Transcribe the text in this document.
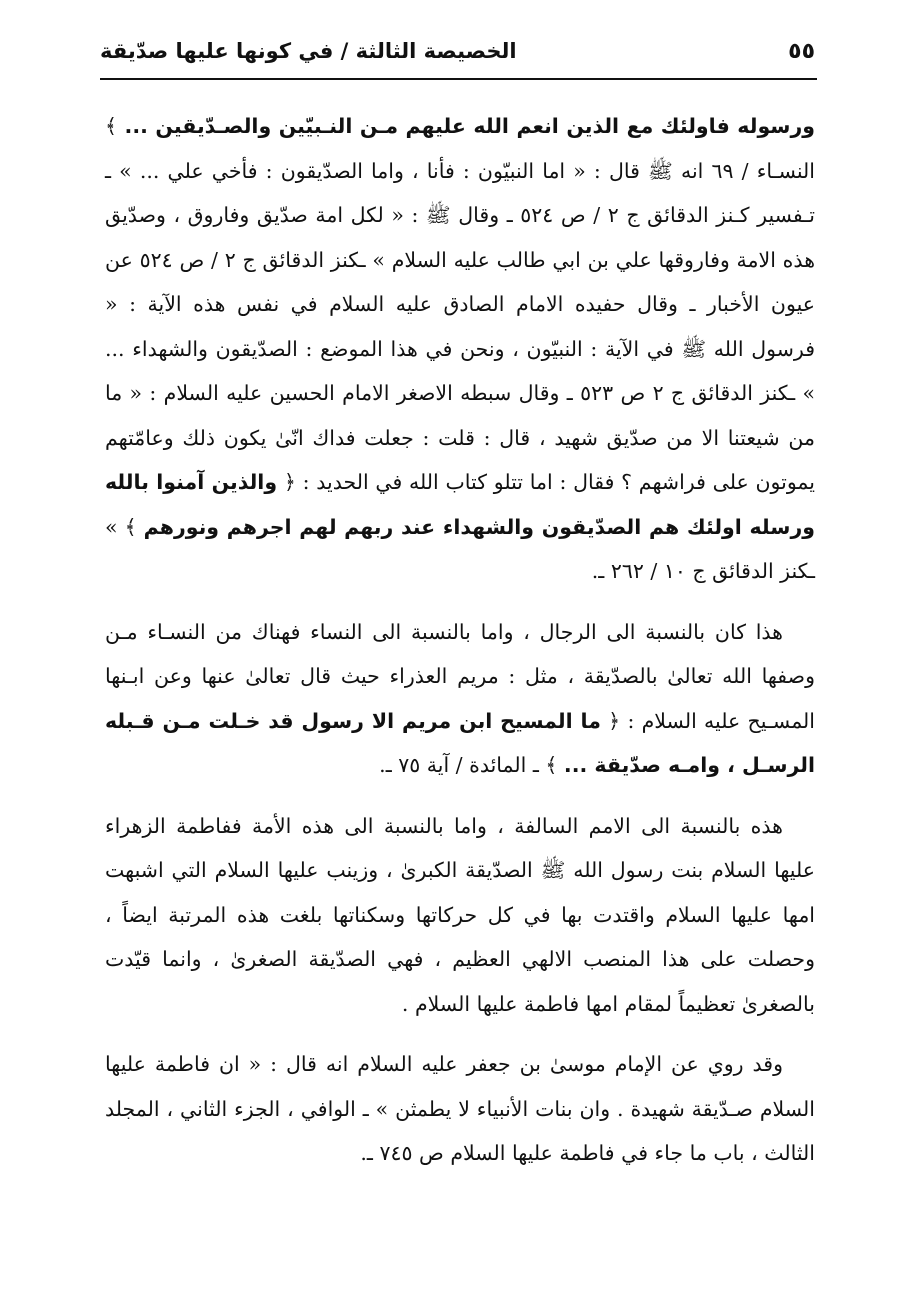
الخصيصة الثالثة / في كونها عليها صدّيقة	٥٥

ورسوله فاولئك مع الذين انعم الله عليهم مـن النـبيّين والصـدّيقين ... ﴾ النسـاء / ٦٩ انه ﷺ قال : « اما النبيّون : فأنا ، واما الصدّيقون : فأخي علي ... » ـ تـفسير كـنز الدقائق ج ٢ / ص ٥٢٤ ـ وقال ﷺ : « لكل امة صدّيق وفاروق ، وصدّيق هذه الامة وفاروقها علي بن ابي طالب عليه السلام » ـكنز الدقائق ج ٢ / ص ٥٢٤ عن عيون الأخبار ـ وقال حفيده الامام الصادق عليه السلام في نفس هذه الآية : « فرسول الله ﷺ في الآية : النبيّون ، ونحن في هذا الموضع : الصدّيقون والشهداء ... » ـكنز الدقائق ج ٢ ص ٥٢٣ ـ وقال سبطه الاصغر الامام الحسين عليه السلام : « ما من شيعتنا الا من صدّيق شهيد ، قال : قلت : جعلت فداك انّىٰ يكون ذلك وعامّتهم يموتون على فراشهم ؟ فقال : اما تتلو كتاب الله في الحديد : ﴿ والذين آمنوا بالله ورسله اولئك هم الصدّيقون والشهداء عند ربهم لهم اجرهم ونورهم ﴾ » ـكنز الدقائق ج ١٠ / ٢٦٢ ـ.

هذا كان بالنسبة الى الرجال ، واما بالنسبة الى النساء فهناك من النسـاء مـن وصفها الله تعالىٰ بالصدّيقة ، مثل : مريم العذراء حيث قال تعالىٰ عنها وعن ابـنها المسـيح عليه السلام : ﴿ ما المسيح ابن مريم الا رسول قد خـلت مـن قـبله الرسـل ، وامـه صدّيقة ... ﴾ ـ المائدة / آية ٧٥ ـ.

هذه بالنسبة الى الامم السالفة ، واما بالنسبة الى هذه الأمة ففاطمة الزهراء عليها السلام بنت رسول الله ﷺ الصدّيقة الكبرىٰ ، وزينب عليها السلام التي اشبهت امها عليها السلام واقتدت بها في كل حركاتها وسكناتها بلغت هذه المرتبة ايضاً ، وحصلت على هذا المنصب الالهي العظيم ، فهي الصدّيقة الصغرىٰ ، وانما قيّدت بالصغرىٰ تعظيماً لمقام امها فاطمة عليها السلام .

وقد روي عن الإمام موسىٰ بن جعفر عليه السلام انه قال : « ان فاطمة عليها السلام صـدّيقة شهيدة . وان بنات الأنبياء لا يطمثن » ـ الوافي ، الجزء الثاني ، المجلد الثالث ، باب ما جاء في فاطمة عليها السلام ص ٧٤٥ ـ.
